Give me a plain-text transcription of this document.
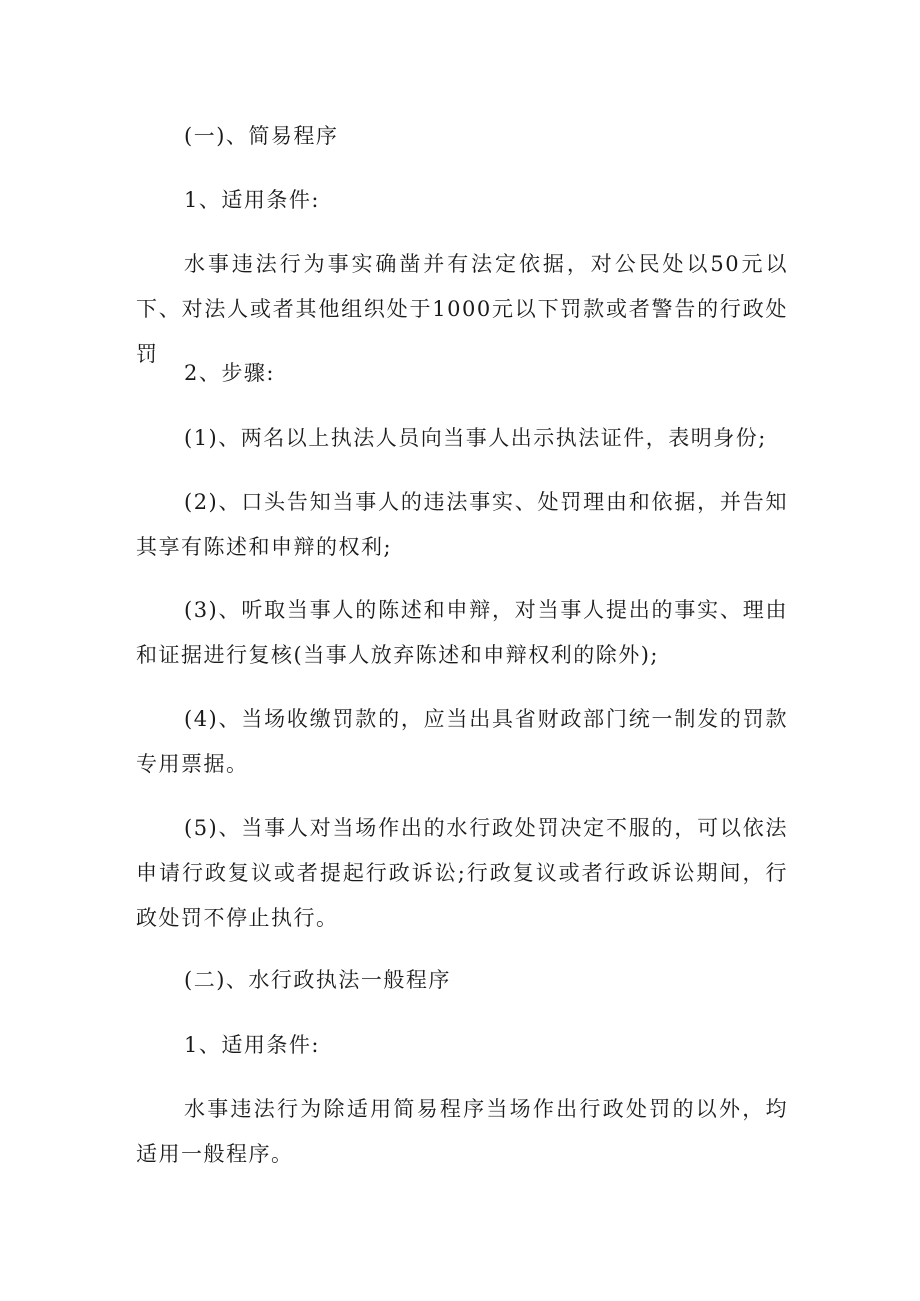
(一)、简易程序

1、适用条件:

水事违法行为事实确凿并有法定依据，对公民处以50元以下、对法人或者其他组织处于1000元以下罚款或者警告的行政处罚

2、步骤:

(1)、两名以上执法人员向当事人出示执法证件，表明身份;

(2)、口头告知当事人的违法事实、处罚理由和依据，并告知其享有陈述和申辩的权利;

(3)、听取当事人的陈述和申辩，对当事人提出的事实、理由和证据进行复核(当事人放弃陈述和申辩权利的除外);

(4)、当场收缴罚款的，应当出具省财政部门统一制发的罚款专用票据。

(5)、当事人对当场作出的水行政处罚决定不服的，可以依法申请行政复议或者提起行政诉讼;行政复议或者行政诉讼期间，行政处罚不停止执行。

(二)、水行政执法一般程序

1、适用条件:

水事违法行为除适用简易程序当场作出行政处罚的以外，均适用一般程序。
